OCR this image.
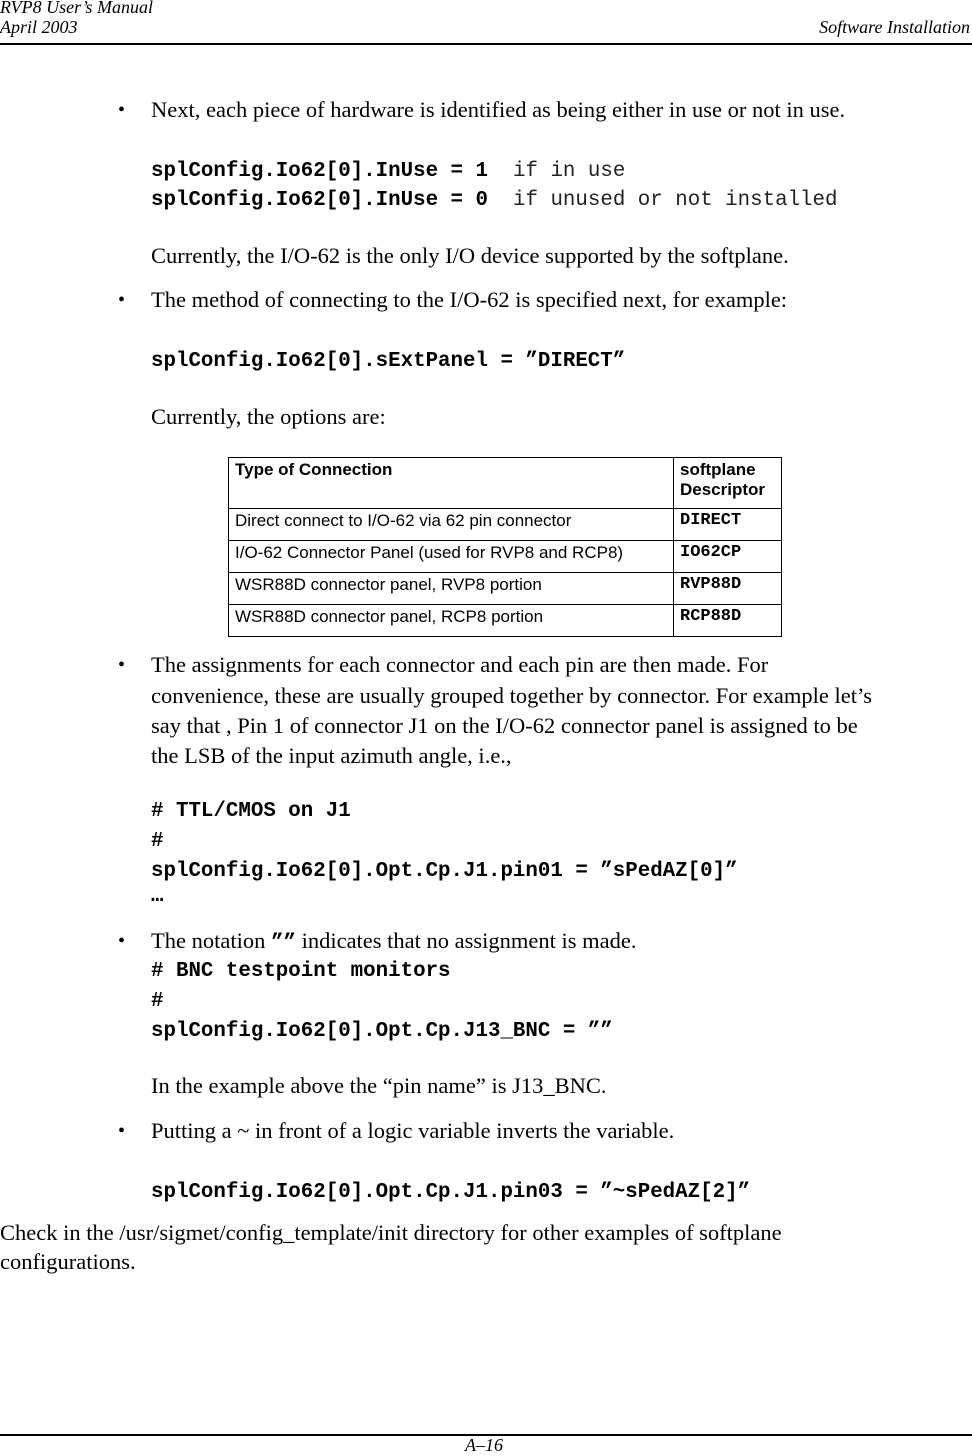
RVP8 User’s Manual
April 2003	Software Installation
• Next, each piece of hardware is identified as being either in use or not in use.
splConfig.Io62[0].InUse = 1 if in use
splConfig.Io62[0].InUse = 0 if unused or not installed
Currently, the I/O-62 is the only I/O device supported by the softplane.
• The method of connecting to the I/O-62 is specified next, for example:
splConfig.Io62[0].sExtPanel = ”DIRECT”
Currently, the options are:
Type of Connection	softplane
Descriptor
Direct connect to I/O-62 via 62 pin connector	DIRECT
I/O-62 Connector Panel (used for RVP8 and RCP8)	IO62CP
WSR88D connector panel, RVP8 portion	RVP88D
WSR88D connector panel, RCP8 portion	RCP88D
• The assignments for each connector and each pin are then made. For
convenience, these are usually grouped together by connector. For example let’s
say that , Pin 1 of connector J1 on the I/O-62 connector panel is assigned to be
the LSB of the input azimuth angle, i.e.,
# TTL/CMOS on J1
#
splConfig.Io62[0].Opt.Cp.J1.pin01 = ”sPedAZ[0]”
…
• The notation ”” indicates that no assignment is made.
# BNC testpoint monitors
#
splConfig.Io62[0].Opt.Cp.J13_BNC = ””
In the example above the “pin name” is J13_BNC.
• Putting a ~ in front of a logic variable inverts the variable.
splConfig.Io62[0].Opt.Cp.J1.pin03 = ”~sPedAZ[2]”
Check in the /usr/sigmet/config_template/init directory for other examples of softplane
configurations.
A–16
